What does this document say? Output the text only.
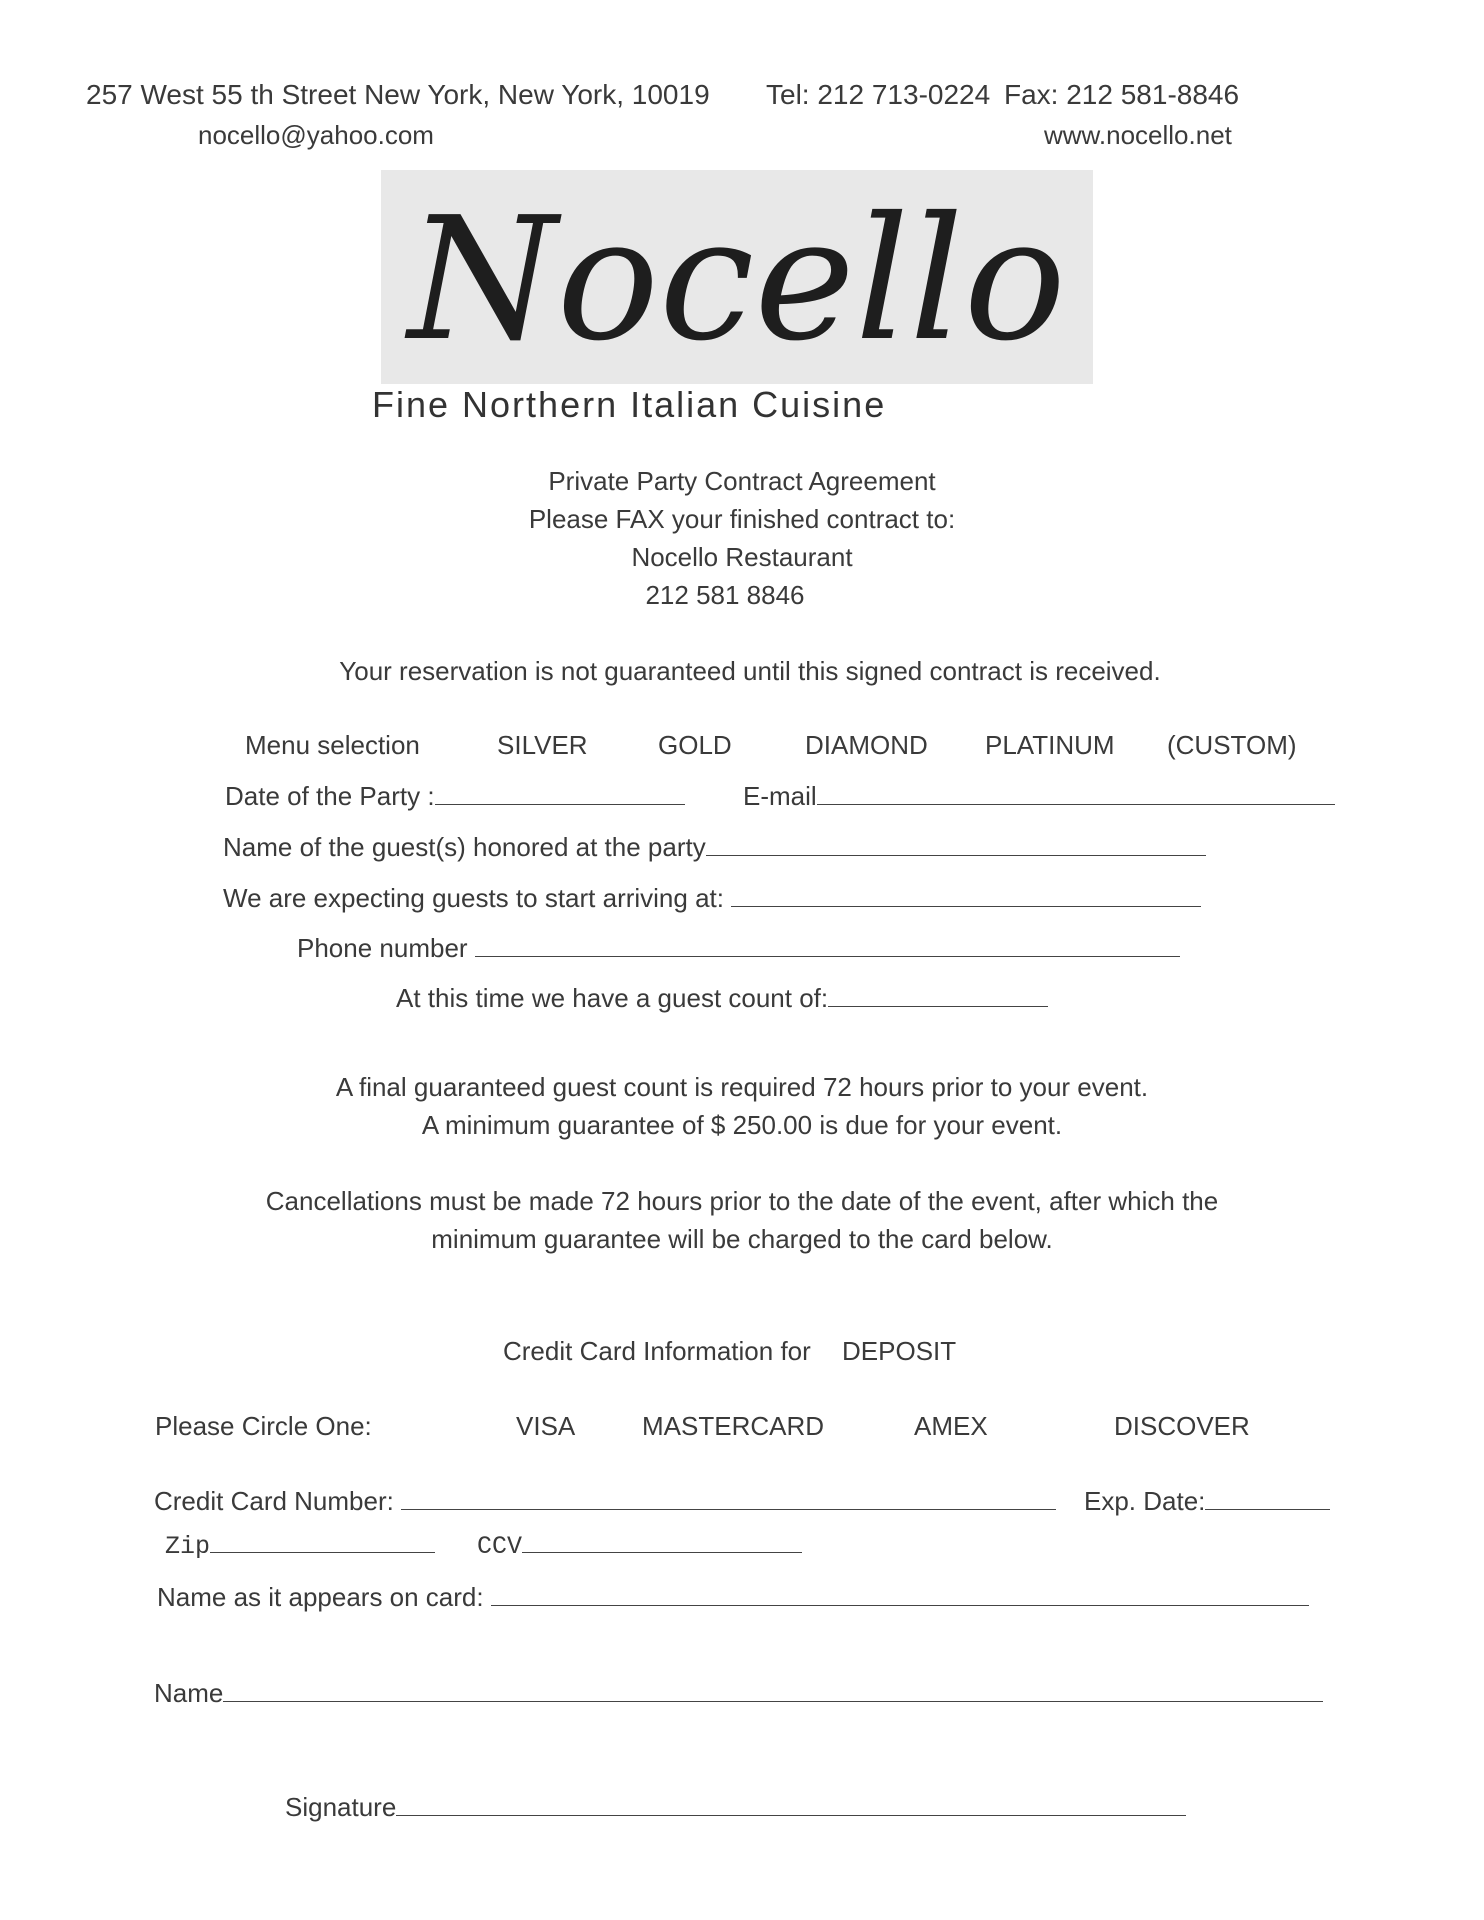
257 West 55 th Street New York, New York, 10019 Tel: 212 713-0224 Fax: 212 581-8846
nocello@yahoo.com	www.nocello.net
Nocello
Fine Northern Italian Cuisine
Private Party Contract Agreement
Please FAX your finished contract to:
Nocello Restaurant
212 581 8846
Your reservation is not guaranteed until this signed contract is received.
Menu selection	SILVER	GOLD	DIAMOND PLATINUM (CUSTOM)
Date of the Party :	E-mail
Name of the guest(s) honored at the party
We are expecting guests to start arriving at:
Phone number
At this time we have a guest count of:
A final guaranteed guest count is required 72 hours prior to your event.
A minimum guarantee of $ 250.00 is due for your event.
Cancellations must be made 72 hours prior to the date of the event, after which the
minimum guarantee will be charged to the card below.
Credit Card Information for DEPOSIT
Please Circle One:	VISA	MASTERCARD	AMEX	DISCOVER
Credit Card Number:	Exp. Date:
Zip	CCV
Name as it appears on card:
Name
Signature
